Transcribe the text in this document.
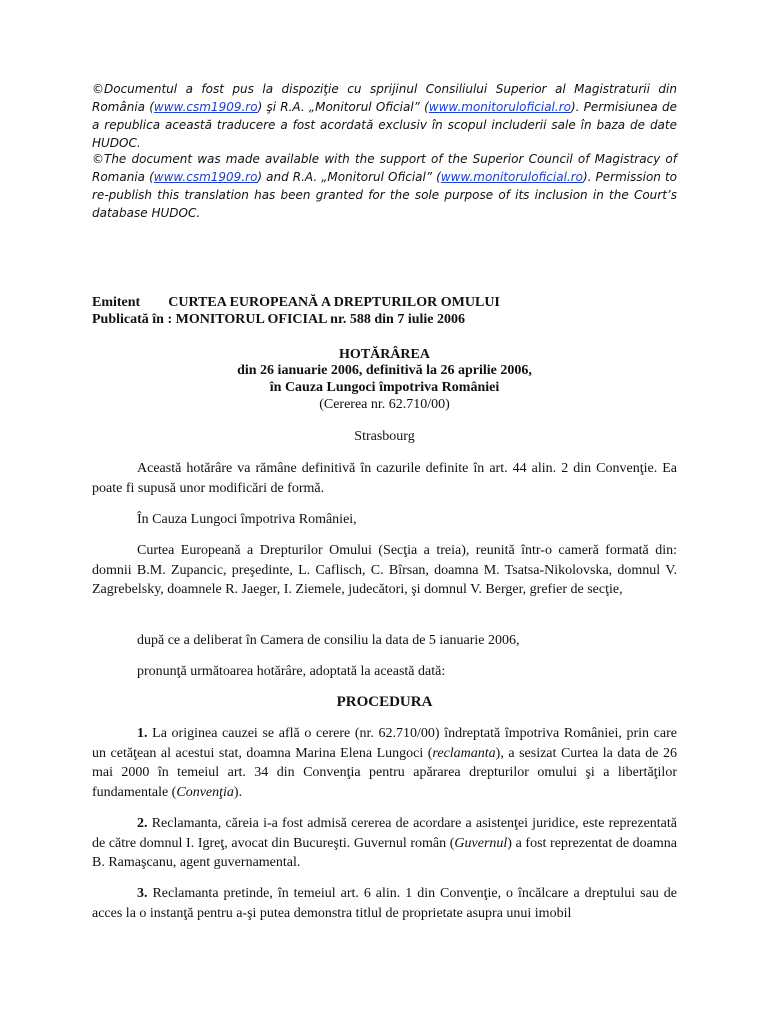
©Documentul a fost pus la dispoziţie cu sprijinul Consiliului Superior al Magistraturii din România (www.csm1909.ro) şi R.A. „Monitorul Oficial” (www.monitoruloficial.ro). Permisiunea de a republica această traducere a fost acordată exclusiv în scopul includerii sale în baza de date HUDOC.

©The document was made available with the support of the Superior Council of Magistracy of Romania (www.csm1909.ro) and R.A. „Monitorul Oficial” (www.monitoruloficial.ro). Permission to re-publish this translation has been granted for the sole purpose of its inclusion in the Court’s database HUDOC.

Emitent CURTEA EUROPEANĂ A DREPTURILOR OMULUI
Publicată în : MONITORUL OFICIAL nr. 588 din 7 iulie 2006
HOTĂRÂREA
din 26 ianuarie 2006, definitivă la 26 aprilie 2006,
în Cauza Lungoci împotriva României
(Cererea nr. 62.710/00)
Strasbourg

Această hotărâre va rămâne definitivă în cazurile definite în art. 44 alin. 2 din Convenţie. Ea poate fi supusă unor modificări de formă.

În Cauza Lungoci împotriva României,

Curtea Europeană a Drepturilor Omului (Secţia a treia), reunită într-o cameră formată din: domnii B.M. Zupancic, preşedinte, L. Caflisch, C. Bîrsan, doamna M. Tsatsa-Nikolovska, domnul V. Zagrebelsky, doamnele R. Jaeger, I. Ziemele, judecători, şi domnul V. Berger, grefier de secţie,

după ce a deliberat în Camera de consiliu la data de 5 ianuarie 2006,

pronunţă următoarea hotărâre, adoptată la această dată:

PROCEDURA

1. La originea cauzei se află o cerere (nr. 62.710/00) îndreptată împotriva României, prin care un cetăţean al acestui stat, doamna Marina Elena Lungoci (reclamanta), a sesizat Curtea la data de 26 mai 2000 în temeiul art. 34 din Convenţia pentru apărarea drepturilor omului şi a libertăţilor fundamentale (Convenţia).

2. Reclamanta, căreia i-a fost admisă cererea de acordare a asistenţei juridice, este reprezentată de către domnul I. Igreţ, avocat din Bucureşti. Guvernul român (Guvernul) a fost reprezentat de doamna B. Ramaşcanu, agent guvernamental.

3. Reclamanta pretinde, în temeiul art. 6 alin. 1 din Convenţie, o încălcare a dreptului sau de acces la o instanţă pentru a-şi putea demonstra titlul de proprietate asupra unui imobil
